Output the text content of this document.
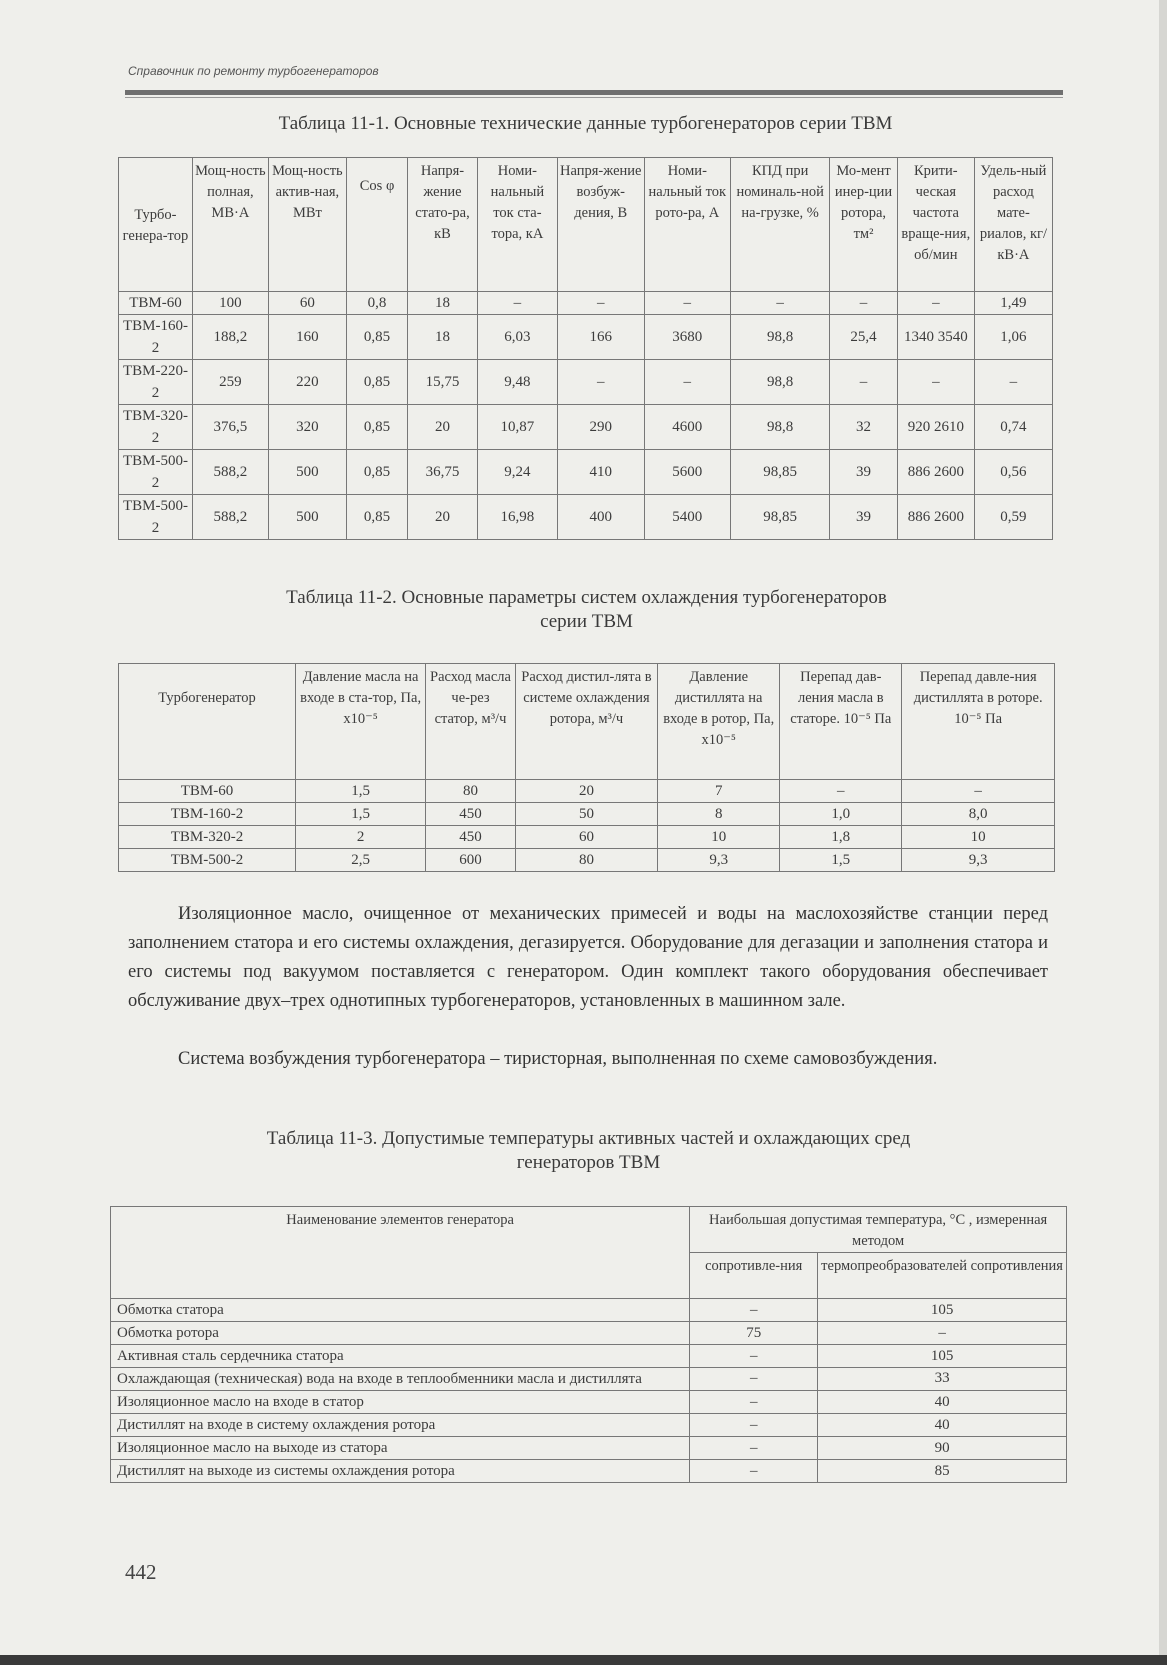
Справочник по ремонту турбогенераторов
Таблица 11-1. Основные технические данные турбогенераторов серии ТВМ
Турбо-генера-тор	Мощ-ность полная, МВ·А	Мощ-ность актив-ная, МВт	Cos φ	Напря-жение стато-ра, кВ	Номи-нальный ток ста-тора, кА	Напря-жение возбуж-дения, В	Номи-нальный ток рото-ра, А	КПД при номиналь-ной на-грузке, %	Мо-мент инер-ции ротора, тм²	Крити-ческая частота враще-ния, об/мин	Удель-ный расход мате-риалов, кг/кВ·А
ТВМ-60	100	60	0,8	18	–	–	–	–	–	–	1,49
ТВМ-160-2	188,2	160	0,85	18	6,03	166	3680	98,8	25,4	1340 3540	1,06
ТВМ-220-2	259	220	0,85	15,75	9,48	–	–	98,8	–	–	–
ТВМ-320-2	376,5	320	0,85	20	10,87	290	4600	98,8	32	920 2610	0,74
ТВМ-500-2	588,2	500	0,85	36,75	9,24	410	5600	98,85	39	886 2600	0,56
ТВМ-500-2	588,2	500	0,85	20	16,98	400	5400	98,85	39	886 2600	0,59
Таблица 11-2. Основные параметры систем охлаждения турбогенераторов
серии ТВМ
Турбогенератор	Давление масла на входе в ста-тор, Па, х10⁻⁵	Расход масла че-рез статор, м³/ч	Расход дистил-лята в системе охлаждения ротора, м³/ч	Давление дистиллята на входе в ротор, Па, х10⁻⁵	Перепад дав-ления масла в статоре. 10⁻⁵ Па	Перепад давле-ния дистиллята в роторе. 10⁻⁵ Па
ТВМ-60	1,5	80	20	7	–	–
ТВМ-160-2	1,5	450	50	8	1,0	8,0
ТВМ-320-2	2	450	60	10	1,8	10
ТВМ-500-2	2,5	600	80	9,3	1,5	9,3
Изоляционное масло, очищенное от механических примесей и воды на маслохозяйстве станции перед заполнением статора и его системы охлаждения, дегазируется. Оборудование для дегазации и заполнения статора и его системы под вакуумом поставляется с генератором. Один комплект такого оборудования обеспечивает обслуживание двух–трех однотипных турбогенераторов, установленных в машинном зале.
Система возбуждения турбогенератора – тиристорная, выполненная по схеме самовозбуждения.
Таблица 11-3. Допустимые температуры активных частей и охлаждающих сред
генераторов ТВМ
Наименование элементов генератора	Наибольшая допустимая температура, °С , измеренная методом	
	сопротивле-ния	термопреобразователей сопротивления
Обмотка статора	–	105
Обмотка ротора	75	–
Активная сталь сердечника статора	–	105
Охлаждающая (техническая) вода на входе в теплообменники масла и дистиллята	–	33
Изоляционное масло на входе в статор	–	40
Дистиллят на входе в систему охлаждения ротора	–	40
Изоляционное масло на выходе из статора	–	90
Дистиллят на выходе из системы охлаждения ротора	–	85
442
